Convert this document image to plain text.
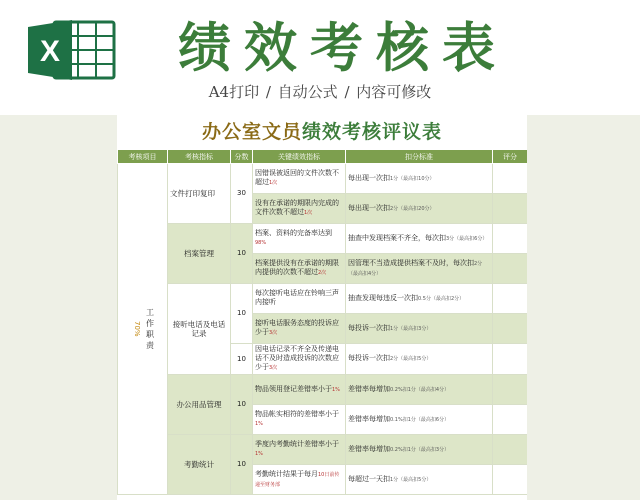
X 绩效考核表
A4打印 / 自动公式 / 内容可修改
办公室文员绩效考核评议表
考核项目	考核指标	分数	关键绩效指标	扣分标准	评分

70%
工
作
职
责	文件打印复印	30	因错误被返回的文件次数不超过1次	每出现一次扣1分（最高扣10分）	
			没有在承诺的期限内完成的文件次数不超过1次	每出现一次扣2分（最高扣20分）	
	档案管理	10	档案、资料的完备率达到98%	抽查中发现档案不齐全，每次扣3分（最高扣6分）	
			档案提供没有在承诺的期限内提供的次数不超过2次	因管理不当造成提供档案不及时，每次扣2分（最高扣4分）	
	接听电话及电话记录	10	每次接听电话应在铃响三声内接听	抽查发现每违反一次扣0.5分（最高扣2分）	
			接听电话服务态度的投诉应少于3次	每投诉一次扣1分（最高扣3分）	
		10	因电话记录不齐全及传递电话不及时造成投诉的次数应少于3次	每投诉一次扣2分（最高扣5分）	
	办公用品管理	10	物品领用登记差错率小于1%	差错率每增加0.2%扣1分（最高扣4分）	
			物品帐实相符的差错率小于1%	差错率每增加0.1%扣1分（最高扣6分）	
	考勤统计	10	季度内考勤统计差错率小于1%	差错率每增加0.2%扣1分（最高扣3分）	
			考勤统计结果于每月10日前传递至财务部	每超过一天扣1分（最高扣5分）	
